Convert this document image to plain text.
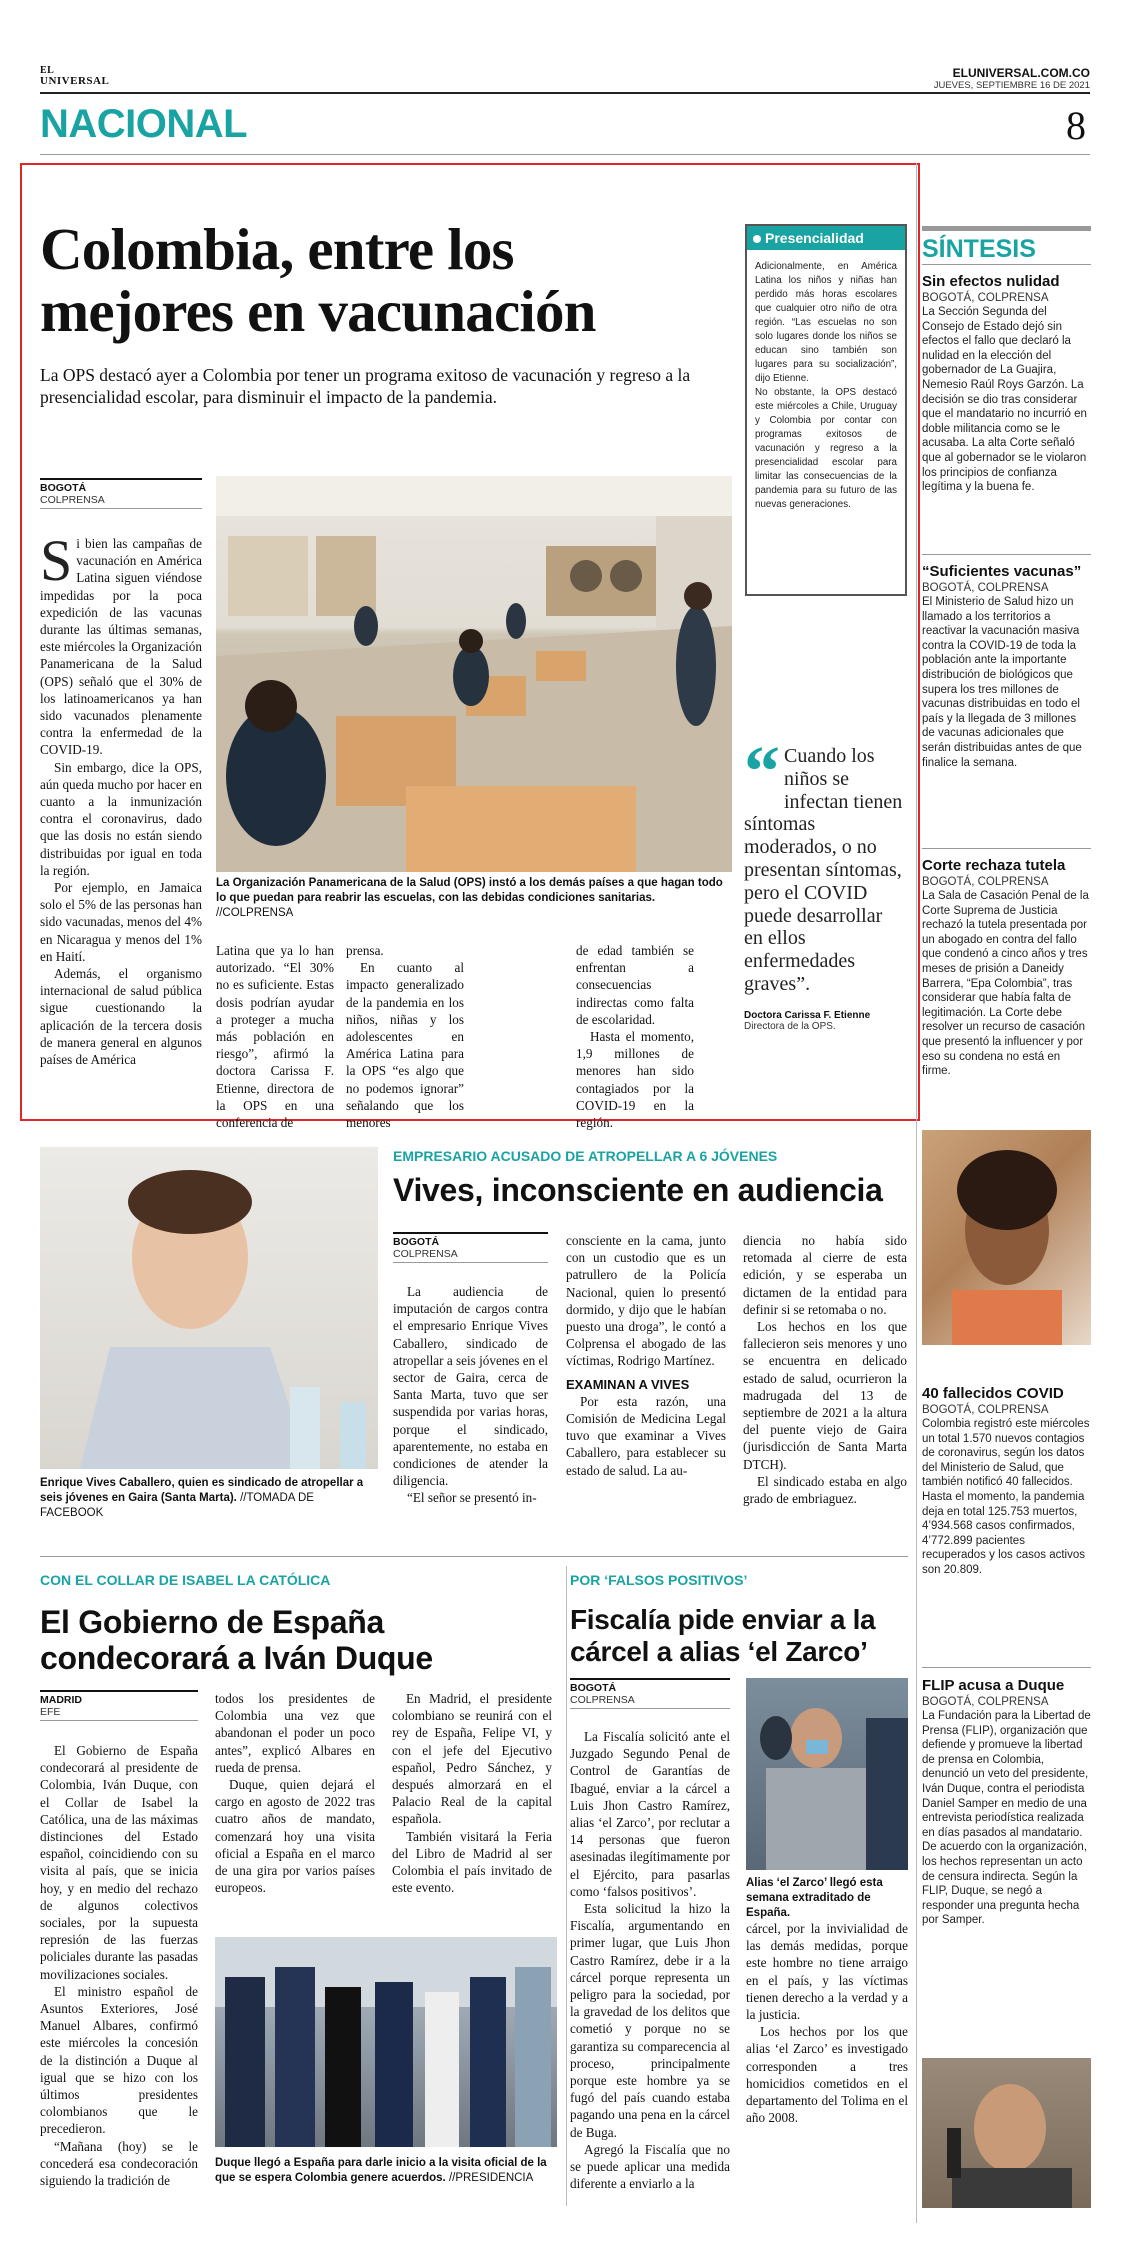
EL
UNIVERSAL
ELUNIVERSAL.COM.CO
JUEVES, SEPTIEMBRE 16 DE 2021
NACIONAL	8
Colombia, entre los
mejores en vacunación
La OPS destacó ayer a Colombia por tener un programa exitoso de vacunación y regreso a la presencialidad escolar, para disminuir el impacto de la pandemia.
BOGOTÁ
COLPRENSA

Si bien las campañas de vacunación en América Latina siguen viéndose impedidas por la poca expedición de las vacunas durante las últimas semanas, este miércoles la Organización Panamericana de la Salud (OPS) señaló que el 30% de los latinoamericanos ya han sido vacunados plenamente contra la enfermedad de la COVID-19.

Sin embargo, dice la OPS, aún queda mucho por hacer en cuanto a la inmunización contra el coronavirus, dado que las dosis no están siendo distribuidas por igual en toda la región.

Por ejemplo, en Jamaica solo el 5% de las personas han sido vacunadas, menos del 4% en Nicaragua y menos del 1% en Haití.

Además, el organismo internacional de salud pública sigue cuestionando la aplicación de la tercera dosis de manera general en algunos países de América

La Organización Panamericana de la Salud (OPS) instó a los demás países a que hagan todo lo que puedan para reabrir las escuelas, con las debidas condiciones sanitarias. //COLPRENSA

Latina que ya lo han autorizado. “El 30% no es suficiente. Estas dosis podrían ayudar a proteger a mucha más población en riesgo”, afirmó la doctora Carissa F. Etienne, directora de la OPS en una conferencia de

prensa.

En cuanto al impacto generalizado de la pandemia en los niños, niñas y los adolescentes en América Latina para la OPS “es algo que no podemos ignorar” señalando que los menores

de edad también se enfrentan a consecuencias indirectas como falta de escolaridad.

Hasta el momento, 1,9 millones de menores han sido contagiados por la COVID-19 en la región.

Presencialidad

Adicionalmente, en América Latina los niños y niñas han perdido más horas escolares que cualquier otro niño de otra región. “Las escuelas no son solo lugares donde los niños se educan sino también son lugares para su socialización”, dijo Etienne.

No obstante, la OPS destacó este miércoles a Chile, Uruguay y Colombia por contar con programas exitosos de vacunación y regreso a la presencialidad escolar para limitar las consecuencias de la pandemia para su futuro de las nuevas generaciones.

“ Cuando los niños se infectan tienen síntomas moderados, o no presentan síntomas, pero el COVID puede desarrollar en ellos enfermedades graves”.
Doctora Carissa F. Etienne
Directora de la OPS.
SÍNTESIS
Sin efectos nulidad
BOGOTÁ, COLPRENSA
La Sección Segunda del Consejo de Estado dejó sin efectos el fallo que declaró la nulidad en la elección del gobernador de La Guajira, Nemesio Raúl Roys Garzón. La decisión se dio tras considerar que el mandatario no incurrió en doble militancia como se le acusaba. La alta Corte señaló que al gobernador se le violaron los principios de confianza legítima y la buena fe.
“Suficientes vacunas”
BOGOTÁ, COLPRENSA
El Ministerio de Salud hizo un llamado a los territorios a reactivar la vacunación masiva contra la COVID-19 de toda la población ante la importante distribución de biológicos que supera los tres millones de vacunas distribuidas en todo el país y la llegada de 3 millones de vacunas adicionales que serán distribuidas antes de que finalice la semana.
Corte rechaza tutela
BOGOTÁ, COLPRENSA
La Sala de Casación Penal de la Corte Suprema de Justicia rechazó la tutela presentada por un abogado en contra del fallo que condenó a cinco años y tres meses de prisión a Daneidy Barrera, “Epa Colombia”, tras considerar que había falta de legitimación. La Corte debe resolver un recurso de casación que presentó la influencer y por eso su condena no está en firme.
40 fallecidos COVID
BOGOTÁ, COLPRENSA
Colombia registró este miércoles un total 1.570 nuevos contagios de coronavirus, según los datos del Ministerio de Salud, que también notificó 40 fallecidos. Hasta el momento, la pandemia deja en total 125.753 muertos, 4’934.568 casos confirmados, 4’772.899 pacientes recuperados y los casos activos son 20.809.
FLIP acusa a Duque
BOGOTÁ, COLPRENSA
La Fundación para la Libertad de Prensa (FLIP), organización que defiende y promueve la libertad de prensa en Colombia, denunció un veto del presidente, Iván Duque, contra el periodista Daniel Samper en medio de una entrevista periodística realizada en días pasados al mandatario. De acuerdo con la organización, los hechos representan un acto de censura indirecta. Según la FLIP, Duque, se negó a responder una pregunta hecha por Samper.
Enrique Vives Caballero, quien es sindicado de atropellar a seis jóvenes en Gaira (Santa Marta). //TOMADA DE FACEBOOK
EMPRESARIO ACUSADO DE ATROPELLAR A 6 JÓVENES
Vives, inconsciente en audiencia
BOGOTÁ
COLPRENSA

La audiencia de imputación de cargos contra el empresario Enrique Vives Caballero, sindicado de atropellar a seis jóvenes en el sector de Gaira, cerca de Santa Marta, tuvo que ser suspendida por varias horas, porque el sindicado, aparentemente, no estaba en condiciones de atender la diligencia.

“El señor se presentó in-

consciente en la cama, junto con un custodio que es un patrullero de la Policía Nacional, quien lo presentó dormido, y dijo que le habían puesto una droga”, le contó a Colprensa el abogado de las víctimas, Rodrigo Martínez.

EXAMINAN A VIVES

Por esta razón, una Comisión de Medicina Legal tuvo que examinar a Vives Caballero, para establecer su estado de salud. La au-

diencia no había sido retomada al cierre de esta edición, y se esperaba un dictamen de la entidad para definir si se retomaba o no.

Los hechos en los que fallecieron seis menores y uno se encuentra en delicado estado de salud, ocurrieron la madrugada del 13 de septiembre de 2021 a la altura del puente viejo de Gaira (jurisdicción de Santa Marta DTCH).

El sindicado estaba en algo grado de embriaguez.

CON EL COLLAR DE ISABEL LA CATÓLICA
El Gobierno de España
condecorará a Iván Duque
MADRID
EFE

El Gobierno de España condecorará al presidente de Colombia, Iván Duque, con el Collar de Isabel la Católica, una de las máximas distinciones del Estado español, coincidiendo con su visita al país, que se inicia hoy, y en medio del rechazo de algunos colectivos sociales, por la supuesta represión de las fuerzas policiales durante las pasadas movilizaciones sociales.

El ministro español de Asuntos Exteriores, José Manuel Albares, confirmó este miércoles la concesión de la distinción a Duque al igual que se hizo con los últimos presidentes colombianos que le precedieron.

“Mañana (hoy) se le concederá esa condecoración siguiendo la tradición de

todos los presidentes de Colombia una vez que abandonan el poder un poco antes”, explicó Albares en rueda de prensa.

Duque, quien dejará el cargo en agosto de 2022 tras cuatro años de mandato, comenzará hoy una visita oficial a España en el marco de una gira por varios países europeos.

En Madrid, el presidente colombiano se reunirá con el rey de España, Felipe VI, y con el jefe del Ejecutivo español, Pedro Sánchez, y después almorzará en el Palacio Real de la capital española.

También visitará la Feria del Libro de Madrid al ser Colombia el país invitado de este evento.

Duque llegó a España para darle inicio a la visita oficial de la que se espera Colombia genere acuerdos. //PRESIDENCIA
POR ‘FALSOS POSITIVOS’
Fiscalía pide enviar a la
cárcel a alias ‘el Zarco’
BOGOTÁ
COLPRENSA

La Fiscalía solicitó ante el Juzgado Segundo Penal de Control de Garantías de Ibagué, enviar a la cárcel a Luis Jhon Castro Ramírez, alias ‘el Zarco’, por reclutar a 14 personas que fueron asesinadas ilegítimamente por el Ejército, para pasarlas como ‘falsos positivos’.

Esta solicitud la hizo la Fiscalía, argumentando en primer lugar, que Luis Jhon Castro Ramírez, debe ir a la cárcel porque representa un peligro para la sociedad, por la gravedad de los delitos que cometió y porque no se garantiza su comparecencia al proceso, principalmente porque este hombre ya se fugó del país cuando estaba pagando una pena en la cárcel de Buga.

Agregó la Fiscalía que no se puede aplicar una medida diferente a enviarlo a la

Alias ‘el Zarco’ llegó esta semana extraditado de España.

cárcel, por la invivialidad de las demás medidas, porque este hombre no tiene arraigo en el país, y las víctimas tienen derecho a la verdad y a la justicia.

Los hechos por los que alias ‘el Zarco’ es investigado corresponden a tres homicidios cometidos en el departamento del Tolima en el año 2008.
